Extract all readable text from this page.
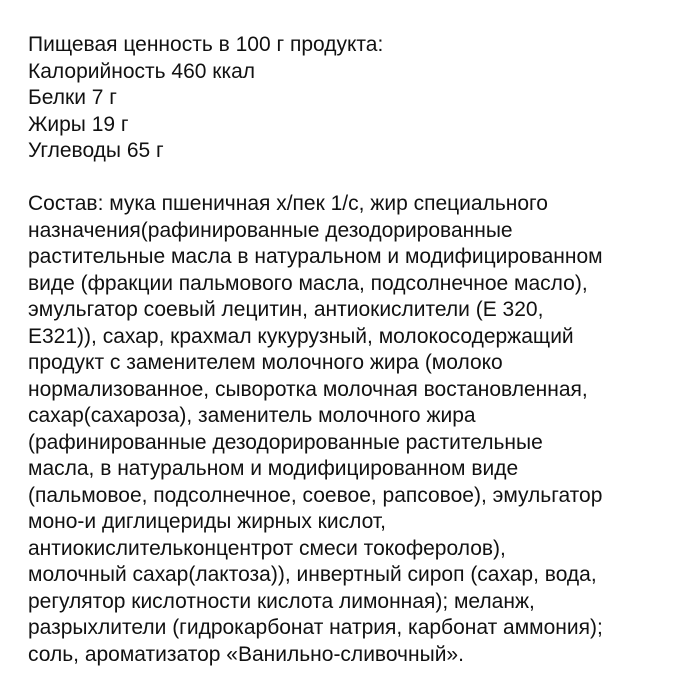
Пищевая ценность в 100 г продукта:
Калорийность 460 ккал
Белки 7 г
Жиры 19 г
Углеводы 65 г
Состав: мука пшеничная х/пек 1/с, жир специального
назначения(рафинированные дезодорированные
растительные масла в натуральном и модифицированном
виде (фракции пальмового масла, подсолнечное масло),
эмульгатор соевый лецитин, антиокислители (Е 320,
Е321)), сахар, крахмал кукурузный, молокосодержащий
продукт с заменителем молочного жира (молоко
нормализованное, сыворотка молочная востановленная,
сахар(сахароза), заменитель молочного жира
(рафинированные дезодорированные растительные
масла, в натуральном и модифицированном виде
(пальмовое, подсолнечное, соевое, рапсовое), эмульгатор
моно-и диглицериды жирных кислот,
антиокислительконцентрот смеси токоферолов),
молочный сахар(лактоза)), инвертный сироп (сахар, вода,
регулятор кислотности кислота лимонная); меланж,
разрыхлители (гидрокарбонат натрия, карбонат аммония);
соль, ароматизатор «Ванильно-сливочный».
